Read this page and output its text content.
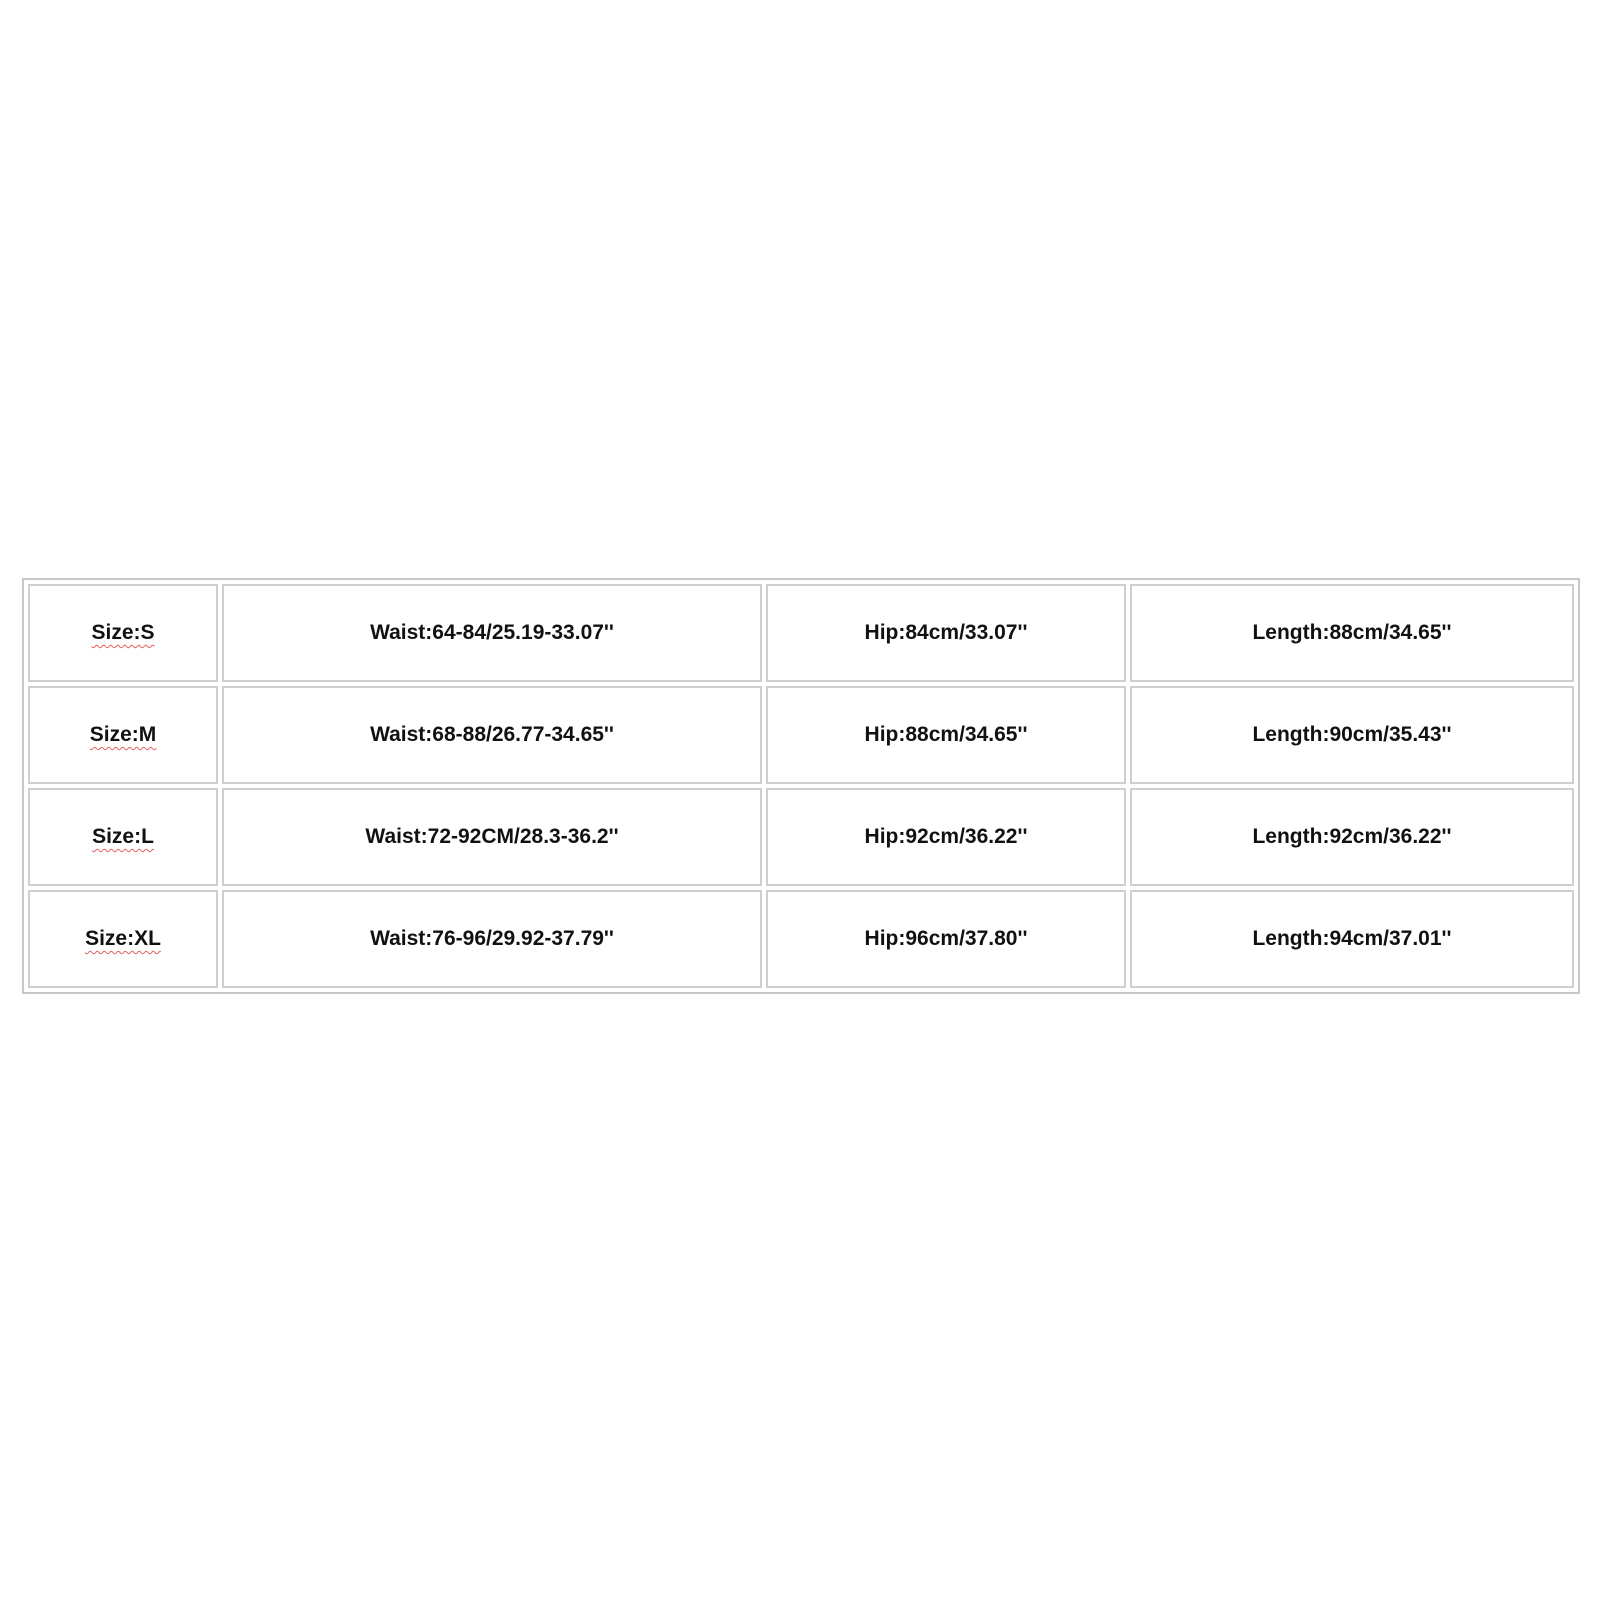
Size:S	Waist:64-84/25.19-33.07''	Hip:84cm/33.07''	Length:88cm/34.65''
Size:M	Waist:68-88/26.77-34.65''	Hip:88cm/34.65''	Length:90cm/35.43''
Size:L	Waist:72-92CM/28.3-36.2''	Hip:92cm/36.22''	Length:92cm/36.22''
Size:XL	Waist:76-96/29.92-37.79''	Hip:96cm/37.80''	Length:94cm/37.01''
